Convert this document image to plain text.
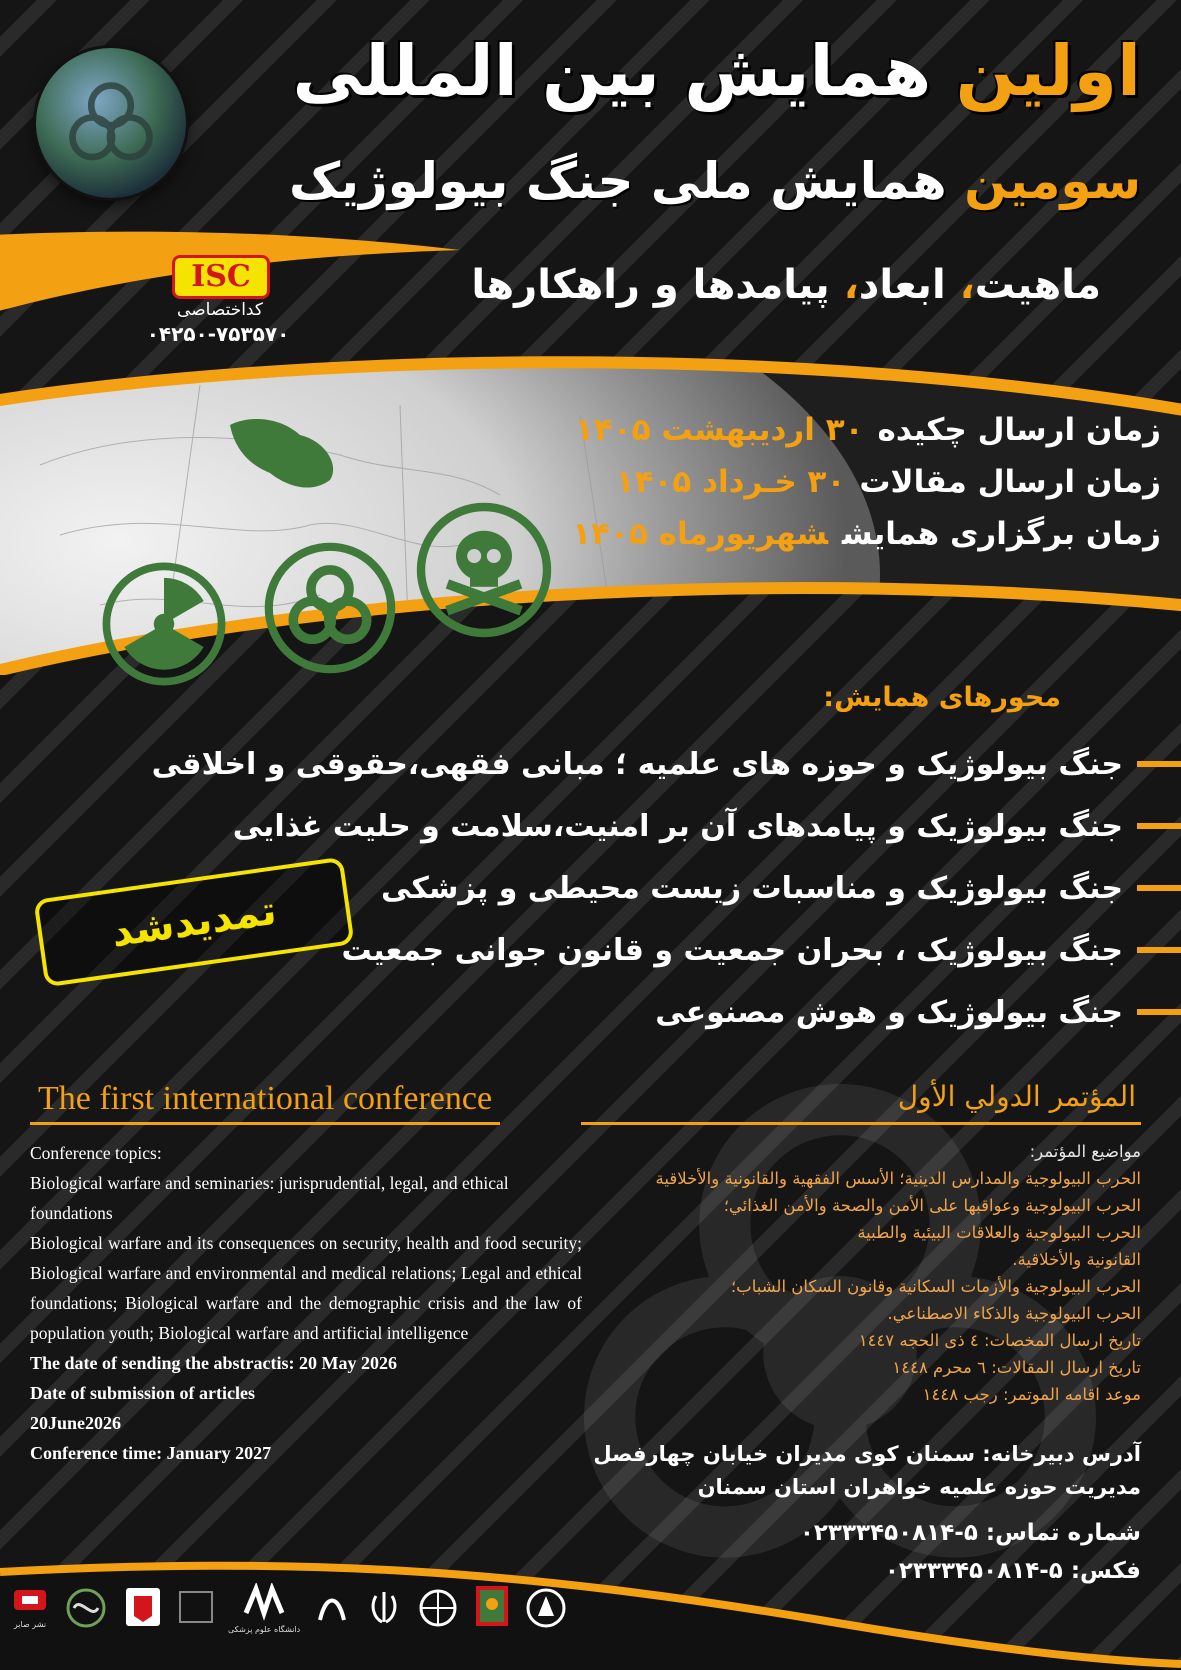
اولین همایش بین المللی
سومین همایش ملی جنگ بیولوژیک
ماهیت، ابعاد، پیامدها و راهکارها
ISC
کداختصاصی
۰۴۲۵۰-۷۵۳۵۷۰
زمان ارسال چکیده۳۰ اردیبهشت ۱۴۰۵
زمان ارسال مقالات۳۰ خـرداد ۱۴۰۵
زمان برگزاری همایششهریورماه ۱۴۰۵
محورهای همایش:
جنگ بیولوژیک و حوزه های علمیه ؛ مبانی فقهی،حقوقی و اخلاقی
جنگ بیولوژیک و پیامدهای آن بر امنیت،سلامت و حلیت غذایی
جنگ بیولوژیک و مناسبات زیست محیطی و پزشکی
جنگ بیولوژیک ، بحران جمعیت و قانون جوانی جمعیت
جنگ بیولوژیک و هوش مصنوعی
تمدیدشد
The first international conference	المؤتمر الدولي الأول

Conference topics:

Biological warfare and seminaries: jurisprudential, legal, and ethical foundations

Biological warfare and its consequences on security, health and food security; Biological warfare and environmental and medical relations; Legal and ethical foundations; Biological warfare and the demographic crisis and the law of population youth; Biological warfare and artificial intelligence

The date of sending the abstractis: 20 May 2026

Date of submission of articles

20June2026

Conference time: January 2027

مواضيع المؤتمر:

الحرب البيولوجية والمدارس الدينية؛ الأسس الفقهية والقانونية والأخلاقية

الحرب البيولوجية وعواقبها على الأمن والصحة والأمن الغذائي؛

الحرب البيولوجية والعلاقات البيئية والطبية

القانونية والأخلاقية.

الحرب البيولوجية والأزمات السكانية وقانون السكان الشباب؛

الحرب البيولوجية والذكاء الاصطناعي.

تاريخ ارسال المخصات: ٤ ذی الحجه ١٤٤٧

تاريخ ارسال المقالات: ٦ محرم ١٤٤٨

موعد اقامه الموتمر: رجب ١٤٤٨

آدرس دبیرخانه: سمنان کوی مدیران خیابان چهارفصل

مدیریت حوزه علمیه خواهران استان سمنان

شماره تماس: ۵-۰۲۳۳۳۴۵۰۸۱۴

فکس: ۵-۰۲۳۳۳۴۵۰۸۱۴

نشر صابر
دانشگاه علوم پزشکی
